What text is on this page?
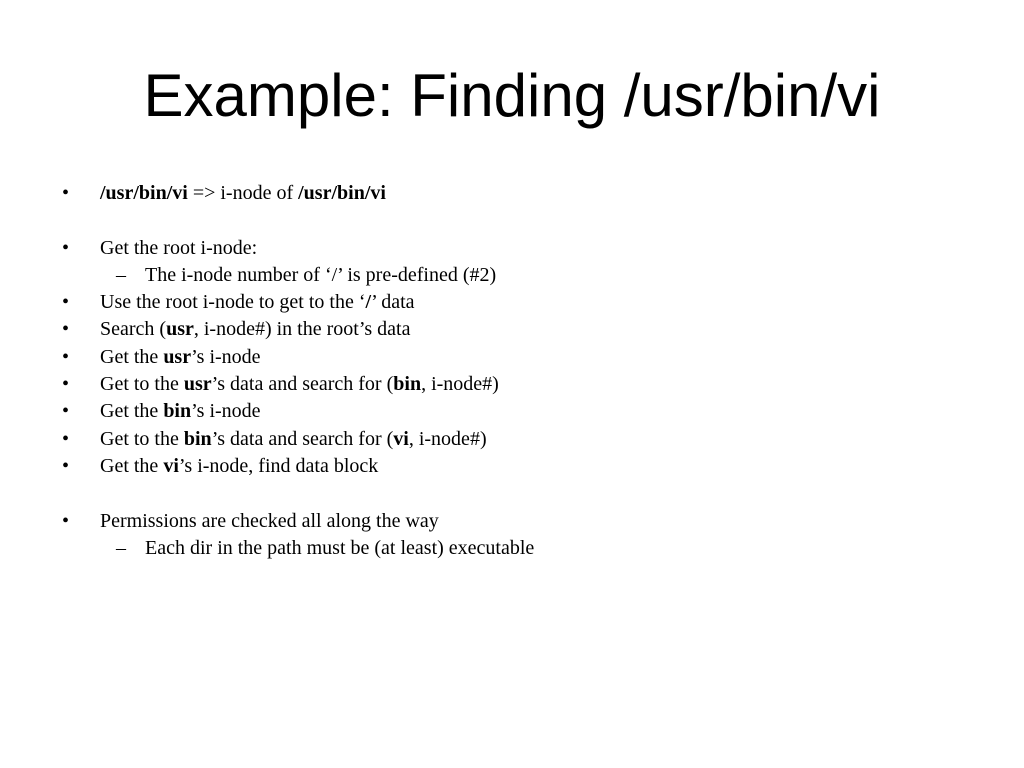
Example: Finding /usr/bin/vi
• /usr/bin/vi => i-node of /usr/bin/vi
• Get the root i-node:
– The i-node number of ‘/’ is pre-defined (#2)
• Use the root i-node to get to the ‘/’ data
• Search (usr, i-node#) in the root’s data
• Get the usr’s i-node
• Get to the usr’s data and search for (bin, i-node#)
• Get the bin’s i-node
• Get to the bin’s data and search for (vi, i-node#)
• Get the vi’s i-node, find data block
• Permissions are checked all along the way
– Each dir in the path must be (at least) executable
